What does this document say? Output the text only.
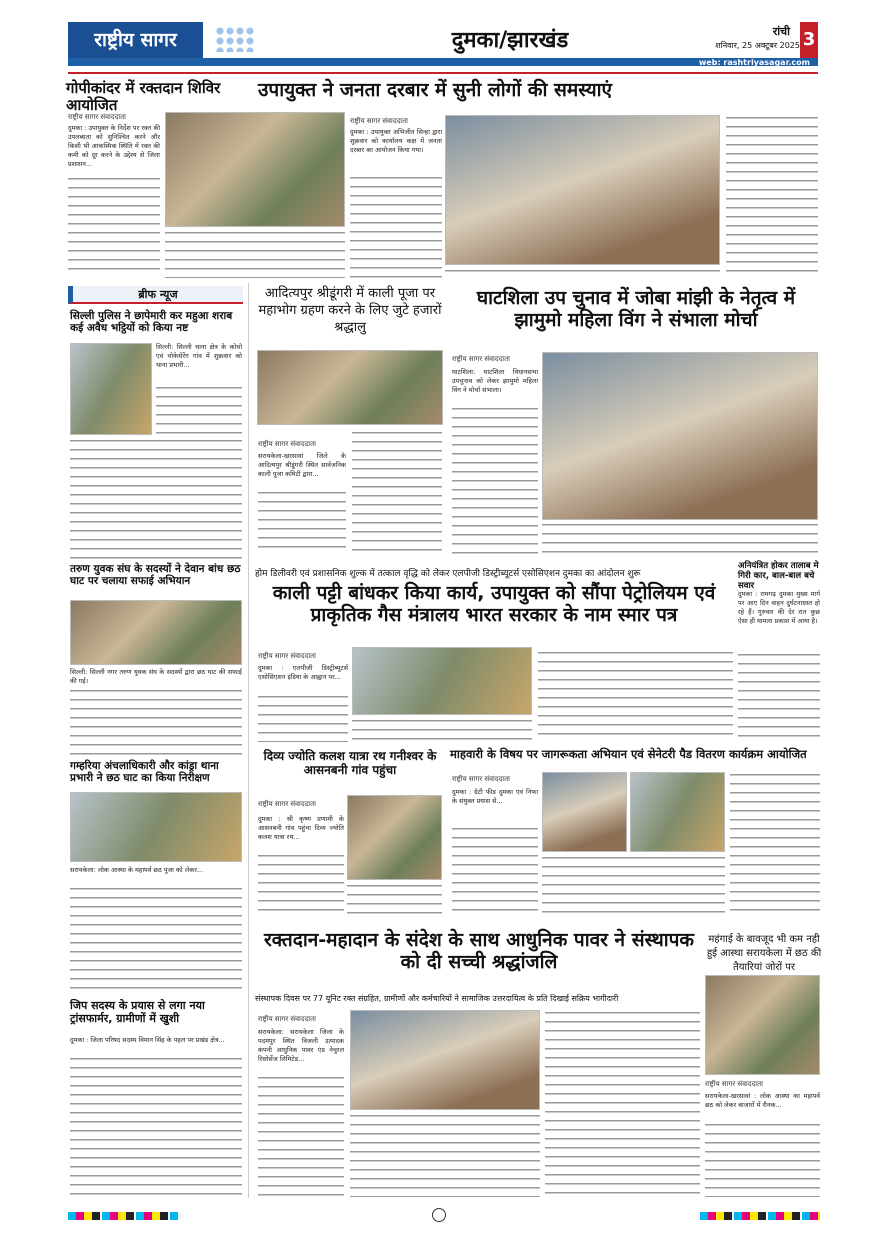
राष्ट्रीय सागर	दुमका/झारखंड	रांची
शनिवार, 25 अक्टूबर 2025 3
web: rashtriyasagar.com
गोपीकांदर में रक्तदान शिविर आयोजित
राष्ट्रीय सागर संवाददाता
दुमका : उपायुक्त के निर्देश पर रक्त की उपलब्धता को सुनिश्चित करने और किसी भी आकस्मिक स्थिति में रक्त की कमी को दूर करने के उद्देश्य से जिला प्रशासन...
उपायुक्त ने जनता दरबार में सुनी लोगों की समस्याएं
राष्ट्रीय सागर संवाददाता
दुमका : उपायुक्त अभिजीत सिन्हा द्वारा शुक्रवार को कार्यालय कक्ष में जनता दरबार का आयोजन किया गया।
ब्रीफ न्यूज
सिल्ली पुलिस ने छापेमारी कर महुआ शराब कई अवैध भट्ठियों को किया नष्ट
सिल्ली: सिल्ली थाना क्षेत्र के कोचो एवं चोकेसेरेंग गांव में शुक्रवार को थाना प्रभारी...
तरुण युवक संघ के सदस्यों ने देवान बांध छठ घाट पर चलाया सफाई अभियान
सिल्ली: सिल्ली नगर तरुण युवक संघ के सदस्यों द्वारा छठ घाट की सफाई की गई।
गम्हरिया अंचलाधिकारी और कांड्रा थाना प्रभारी ने छठ घाट का किया निरीक्षण
सरायकेला: लोक आस्था के महापर्व छठ पूजा को लेकर...
जिप सदस्य के प्रयास से लगा नया ट्रांसफार्मर, ग्रामीणों में खुशी
दुमका : जिला परिषद सदस्य विमान सिंह के पहल पर प्रखंड क्षेत्र...
आदित्यपुर श्रीडूंगरी में काली पूजा पर महाभोग ग्रहण करने के लिए जुटे हजारों श्रद्धालु
राष्ट्रीय सागर संवाददाता
सरायकेला-खरसावां जिले के आदित्यपुर श्रीडूंगरी स्थित सार्वजनिक काली पूजा कमिटी द्वारा...
घाटशिला उप चुनाव में जोबा मांझी के नेतृत्व में झामुमो महिला विंग ने संभाला मोर्चा
राष्ट्रीय सागर संवाददाता
घाटशिला: घाटशिला विधानसभा उपचुनाव को लेकर झामुमो महिला विंग ने मोर्चा संभाला।
होम डिलीवरी एवं प्रशासनिक शुल्क में तत्काल वृद्धि को लेकर एलपीजी डिस्ट्रीब्यूटर्स एसोसिएशन दुमका का आंदोलन शुरू
काली पट्टी बांधकर किया कार्य, उपायुक्त को सौंपा पेट्रोलियम एवं प्राकृतिक गैस मंत्रालय भारत सरकार के नाम स्मार पत्र
राष्ट्रीय सागर संवाददाता
दुमका : एलपीजी डिस्ट्रीब्यूटर्स एसोसिएशन इंडिया के आह्वान पर...
अनियंत्रित होकर तालाब मे गिरी कार, बाल-बाल बचे सवार
दुमका : रामगढ़ दुमका मुख्य मार्ग पर आए दिन वाहन दुर्घटनाग्रस्त हो रहे हैं। गुरुवार की देर रात कुछ ऐसा ही मामला प्रकाश में आया है।
दिव्य ज्योति कलश यात्रा रथ गनीश्वर के आसनबनी गांव पहुंचा
राष्ट्रीय सागर संवाददाता
दुमका : श्री कृष्ण प्रणामी के आसनबनी गांव पहुंचा दिव्य ज्योति कलश यात्रा रथ...
माहवारी के विषय पर जागरूकता अभियान एवं सेनेटरी पैड वितरण कार्यक्रम आयोजित
राष्ट्रीय सागर संवाददाता
दुमका : ग्रेटी फीड दुमका एवं निफा के संयुक्त प्रयास से...
रक्तदान-महादान के संदेश के साथ आधुनिक पावर ने संस्थापक को दी सच्ची श्रद्धांजलि
संस्थापक दिवस पर 77 यूनिट रक्त संग्रहित, ग्रामीणों और कर्मचारियों ने सामाजिक उत्तरदायित्व के प्रति दिखाई सक्रिय भागीदारी
राष्ट्रीय सागर संवाददाता
सरायकेला: सरायकेला जिला के पदमपुर स्थित विजली उत्पादक कंपनी आधुनिक पावर एंड नेचुरल रिसोर्सेज लिमिटेड...
महंगाई के बावजूद भी कम नही हुई आस्था सरायकेला में छठ की तैयारियां जोरों पर
राष्ट्रीय सागर संवाददाता
सरायकेला-खरसावां : लोक आस्था का महापर्व छठ को लेकर बाजारों में रौनक...
